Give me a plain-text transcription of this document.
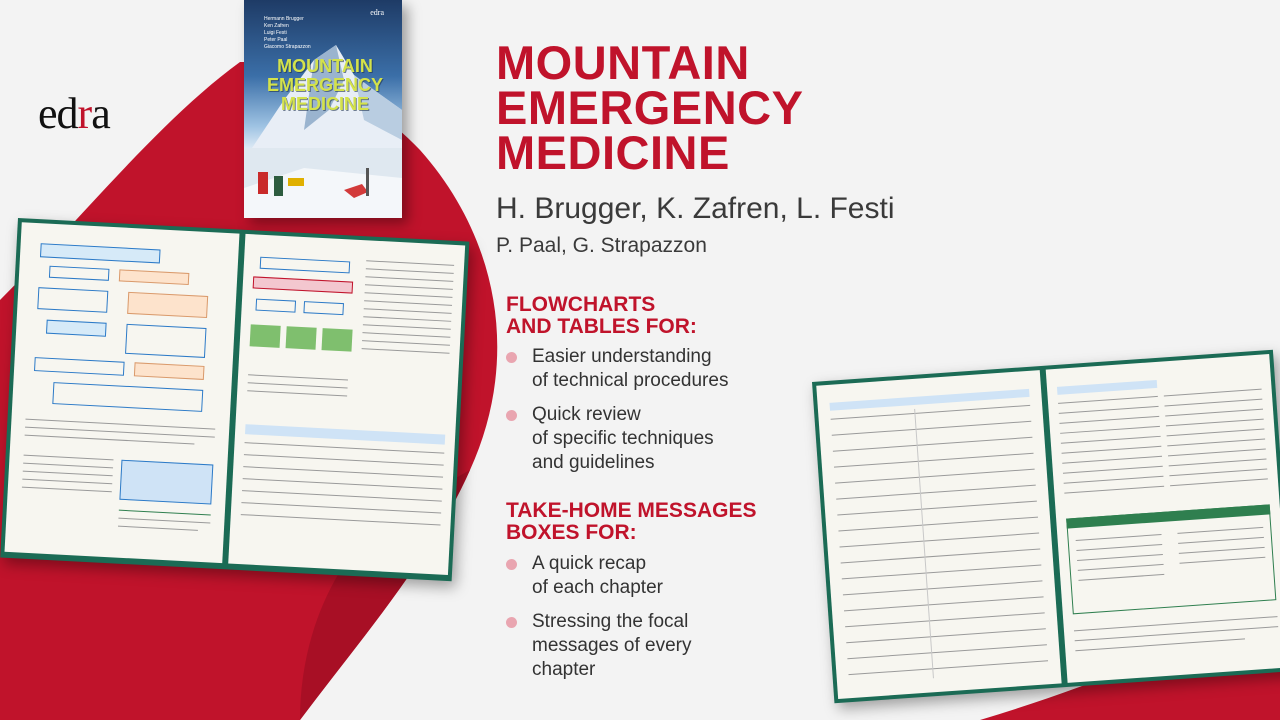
edra
Hermann Brugger
Ken Zafren
Luigi Festi
Peter Paal
Giacomo Strapazzon
edra
MOUNTAIN
EMERGENCY
MEDICINE
MOUNTAIN
EMERGENCY
MEDICINE
H. Brugger, K. Zafren, L. Festi
P. Paal, G. Strapazzon
FLOWCHARTS
AND TABLES FOR:
Easier understanding
of technical procedures
Quick review
of specific techniques
and guidelines
TAKE-HOME MESSAGES
BOXES FOR:
A quick recap
of each chapter
Stressing the focal
messages of every
chapter
